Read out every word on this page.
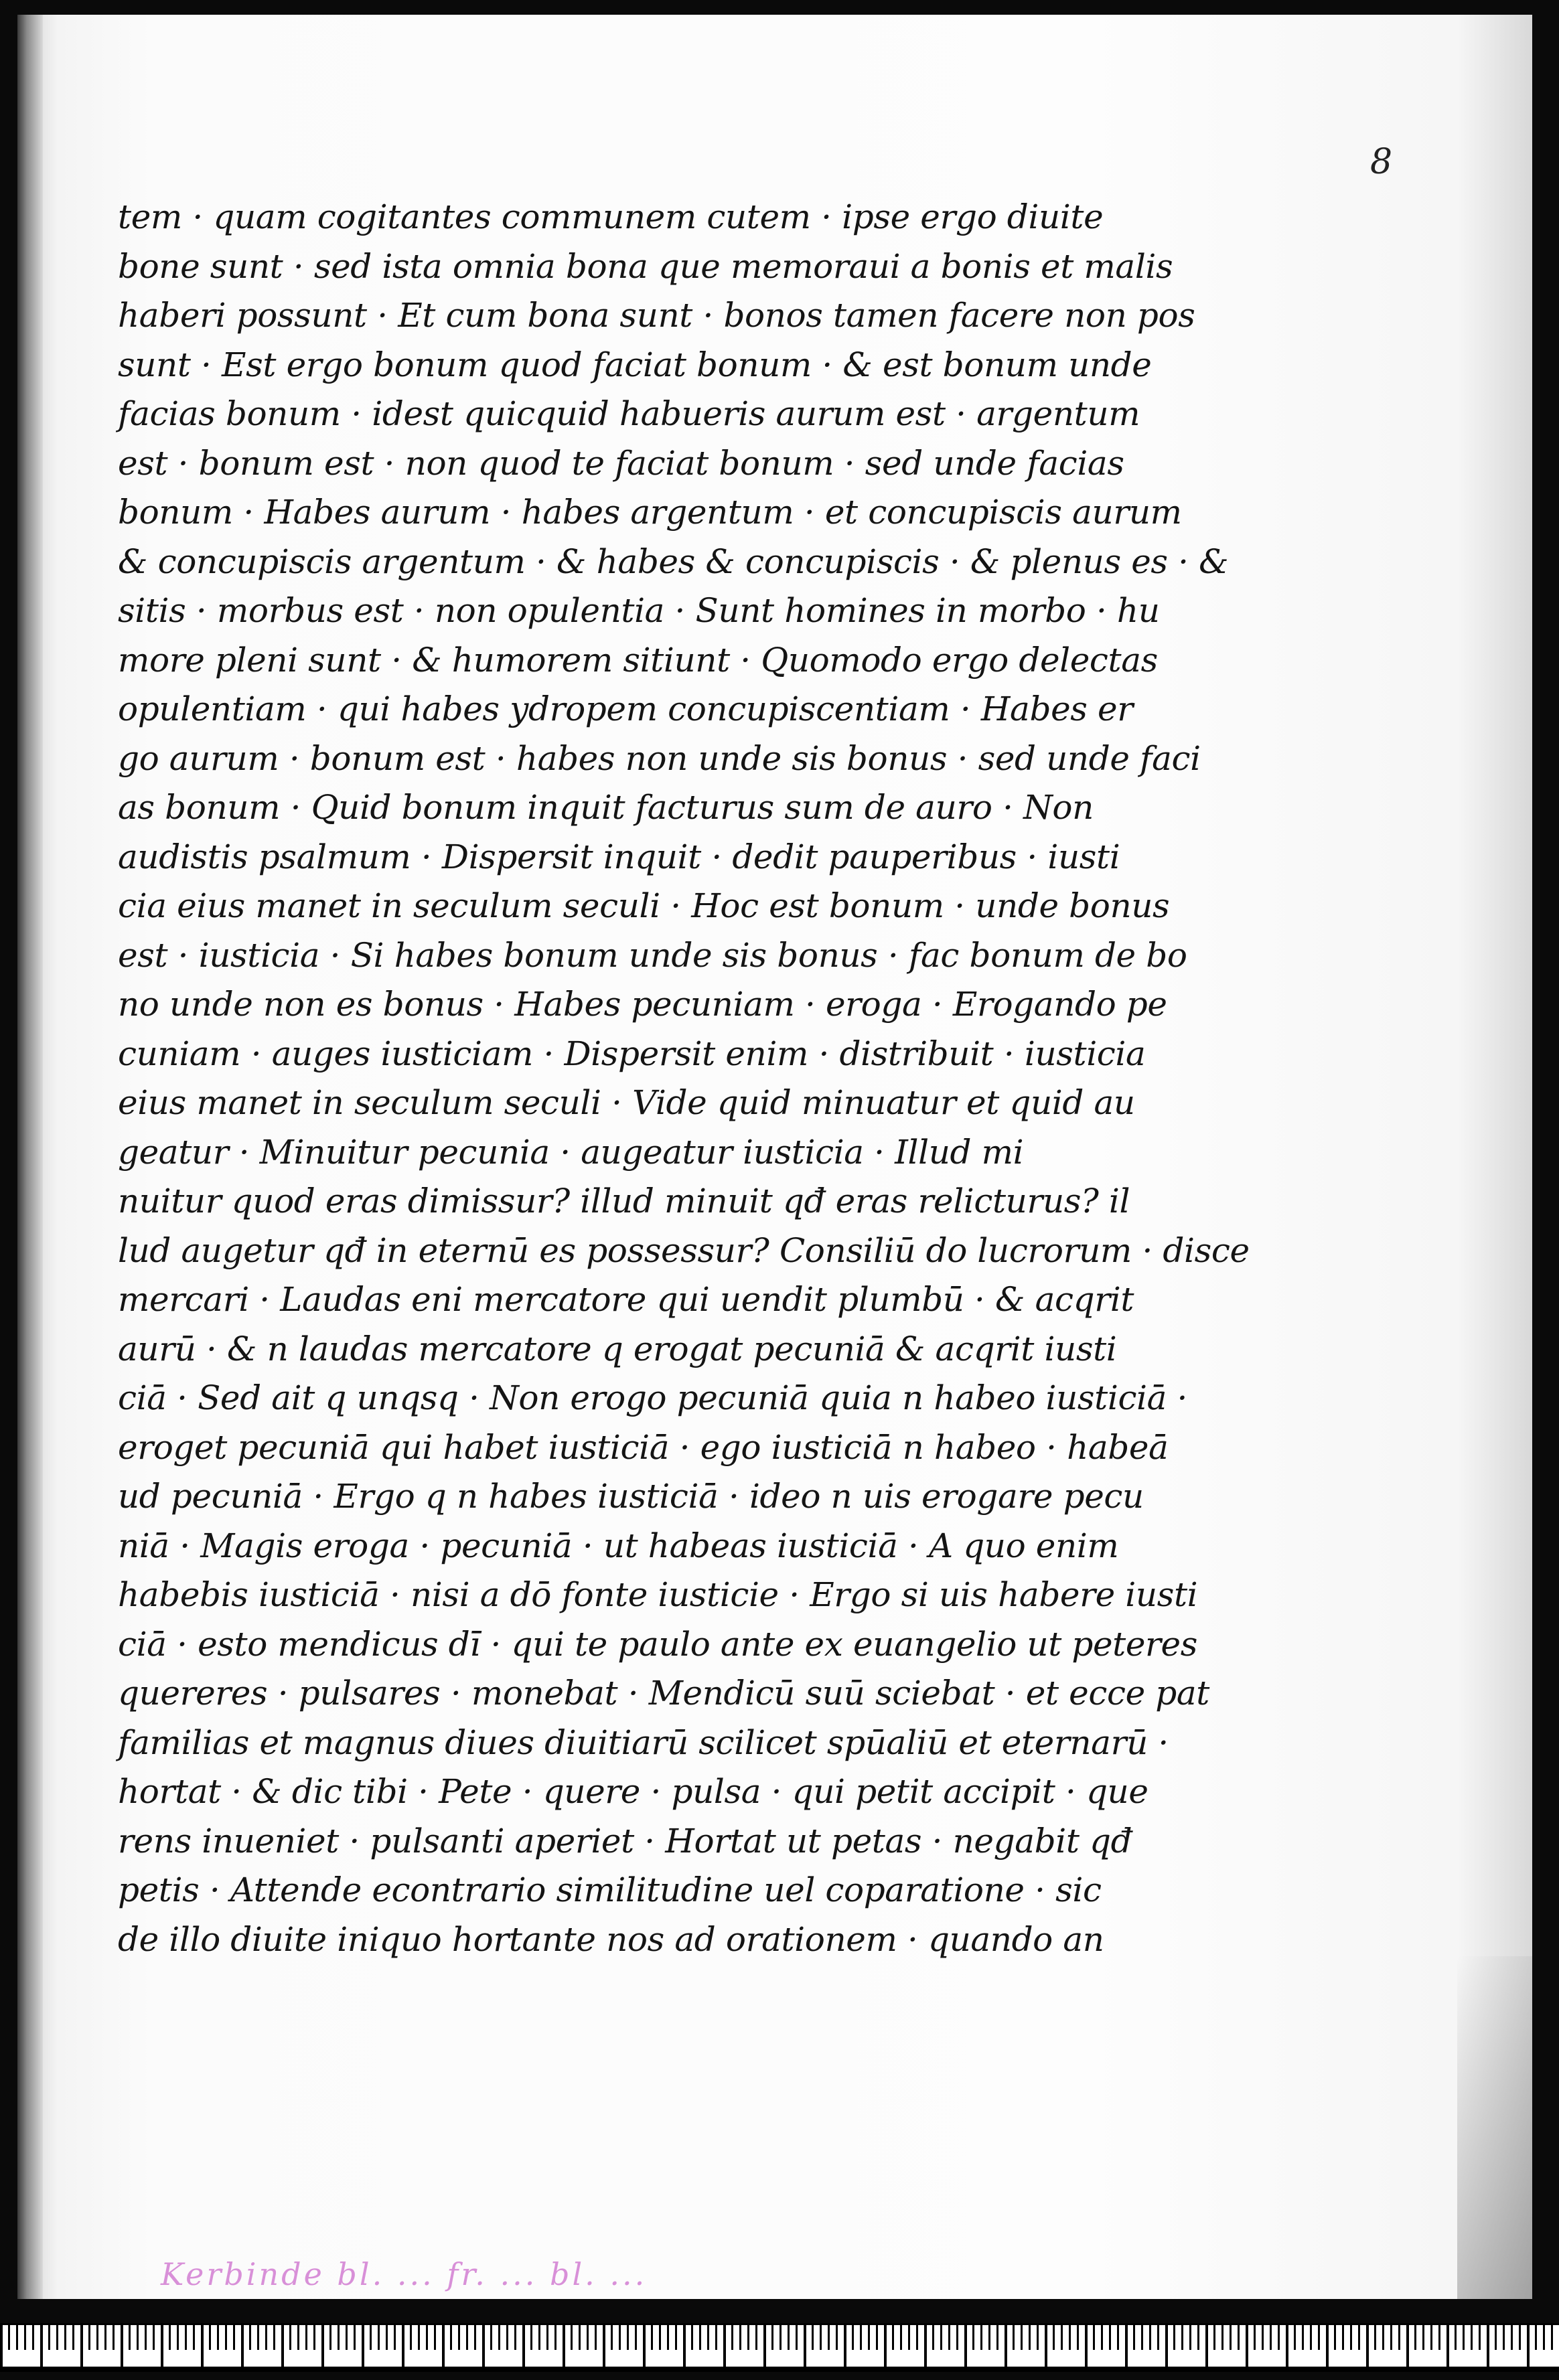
8
tem · quam cogitantes communem cutem · ipse ergo diuite
bone sunt · sed ista omnia bona que memoraui a bonis et malis
haberi possunt · Et cum bona sunt · bonos tamen facere non pos
sunt · Est ergo bonum quod faciat bonum · & est bonum unde
facias bonum · idest quicquid habueris aurum est · argentum
est · bonum est · non quod te faciat bonum · sed unde facias
bonum · Habes aurum · habes argentum · et concupiscis aurum
& concupiscis argentum · & habes & concupiscis · & plenus es · &
sitis · morbus est · non opulentia · Sunt homines in morbo · hu
more pleni sunt · & humorem sitiunt · Quomodo ergo delectas
opulentiam · qui habes ydropem concupiscentiam · Habes er
go aurum · bonum est · habes non unde sis bonus · sed unde faci
as bonum · Quid bonum inquit facturus sum de auro · Non
audistis psalmum · Dispersit inquit · dedit pauperibus · iusti
cia eius manet in seculum seculi · Hoc est bonum · unde bonus
est · iusticia · Si habes bonum unde sis bonus · fac bonum de bo
no unde non es bonus · Habes pecuniam · eroga · Erogando pe
cuniam · auges iusticiam · Dispersit enim · distribuit · iusticia
eius manet in seculum seculi · Vide quid minuatur et quid au
geatur · Minuitur pecunia · augeatur iusticia · Illud mi
nuitur quod eras dimissur? illud minuit qđ eras relicturus? il
lud augetur qđ in eternū es possessur? Consiliū do lucrorum · disce
mercari · Laudas eni mercatore qui uendit plumbū · & acqrit
aurū · & n laudas mercatore q erogat pecuniā & acqrit iusti
ciā · Sed ait q unqsq · Non erogo pecuniā quia n habeo iusticiā ·
eroget pecuniā qui habet iusticiā · ego iusticiā n habeo · habeā
ud pecuniā · Ergo q n habes iusticiā · ideo n uis erogare pecu
niā · Magis eroga · pecuniā · ut habeas iusticiā · A quo enim
habebis iusticiā · nisi a dō fonte iusticie · Ergo si uis habere iusti
ciā · esto mendicus dī · qui te paulo ante ex euangelio ut peteres
quereres · pulsares · monebat · Mendicū suū sciebat · et ecce pat
familias et magnus diues diuitiarū scilicet spūaliū et eternarū ·
hortat · & dic tibi · Pete · quere · pulsa · qui petit accipit · que
rens inueniet · pulsanti aperiet · Hortat ut petas · negabit qđ
petis · Attende econtrario similitudine uel coparatione · sic
de illo diuite iniquo hortante nos ad orationem · quando an
Kerbinde bl. ... fr. ... bl. ...
